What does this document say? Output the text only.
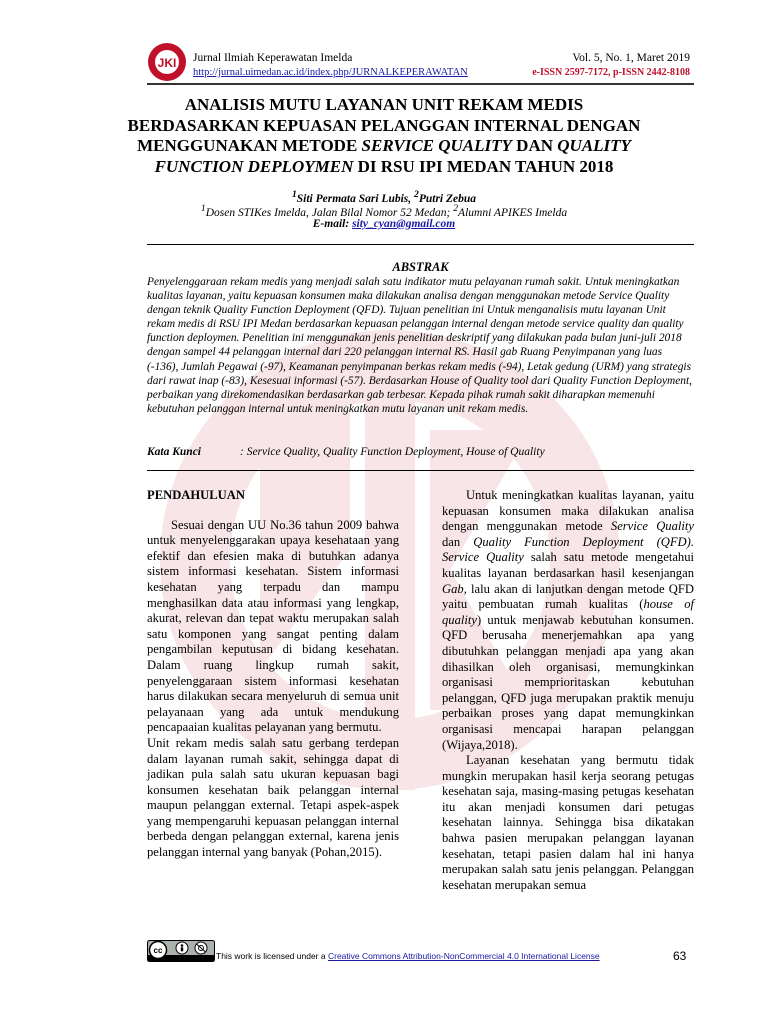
JKI Jurnal Ilmiah Keperawatan Imelda
http://jurnal.uimedan.ac.id/index.php/JURNALKEPERAWATAN
Vol. 5, No. 1, Maret 2019
e-ISSN 2597-7172, p-ISSN 2442-8108
ANALISIS MUTU LAYANAN UNIT REKAM MEDIS
BERDASARKAN KEPUASAN PELANGGAN INTERNAL DENGAN
MENGGUNAKAN METODE SERVICE QUALITY DAN QUALITY
FUNCTION DEPLOYMEN DI RSU IPI MEDAN TAHUN 2018
$^1$Siti Permata Sari Lubis, $^2$Putri Zebua
$^1$Dosen STIKes Imelda, Jalan Bilal Nomor 52 Medan; $^2$Alumni APIKES Imelda
E-mail: sity_cyan@gmail.com
ABSTRAK
Penyelenggaraan rekam medis yang menjadi salah satu indikator mutu pelayanan rumah sakit. Untuk meningkatkan kualitas layanan, yaitu kepuasan konsumen maka dilakukan analisa dengan menggunakan metode Service Quality dengan teknik Quality Function Deployment (QFD). Tujuan penelitian ini Untuk menganalisis mutu layanan Unit rekam medis di RSU IPI Medan berdasarkan kepuasan pelanggan internal dengan metode service quality dan quality function deploymen. Penelitian ini menggunakan jenis penelitian deskriptif yang dilakukan pada bulan juni-juli 2018 dengan sampel 44 pelanggan internal dari 220 pelanggan internal RS. Hasil gab Ruang Penyimpanan yang luas (-136), Jumlah Pegawai (-97), Keamanan penyimpanan berkas rekam medis (-94), Letak gedung (URM) yang strategis dari rawat inap (-83), Kesesuai informasi (-57). Berdasarkan House of Quality tool dari Quality Function Deployment, perbaikan yang direkomendasikan berdasarkan gab terbesar. Kepada pihak rumah sakit diharapkan memenuhi kebutuhan pelanggan internal untuk meningkatkan mutu layanan unit rekam medis.
Kata Kunci	: Service Quality, Quality Function Deployment, House of Quality

PENDAHULUAN

Sesuai dengan UU No.36 tahun 2009 bahwa untuk menyelenggarakan upaya kesehataan yang efektif dan efesien maka di butuhkan adanya sistem informasi kesehatan. Sistem informasi kesehatan yang terpadu dan mampu menghasilkan data atau informasi yang lengkap, akurat, relevan dan tepat waktu merupakan salah satu komponen yang sangat penting dalam pengambilan keputusan di bidang kesehatan. Dalam ruang lingkup rumah sakit, penyelenggaraan sistem informasi kesehatan harus dilakukan secara menyeluruh di semua unit pelayanaan yang ada untuk mendukung pencapaaian kualitas pelayanan yang bermutu.

Unit rekam medis salah satu gerbang terdepan dalam layanan rumah sakit, sehingga dapat di jadikan pula salah satu ukuran kepuasan bagi konsumen kesehatan baik pelanggan internal maupun pelanggan external. Tetapi aspek-aspek yang mempengaruhi kepuasan pelanggan internal berbeda dengan pelanggan external, karena jenis pelanggan internal yang banyak (Pohan,2015).

Untuk meningkatkan kualitas layanan, yaitu kepuasan konsumen maka dilakukan analisa dengan menggunakan metode Service Quality dan Quality Function Deployment (QFD). Service Quality salah satu metode mengetahui kualitas layanan berdasarkan hasil kesenjangan Gab, lalu akan di lanjutkan dengan metode QFD yaitu pembuatan rumah kualitas (house of quality) untuk menjawab kebutuhan konsumen. QFD berusaha menerjemahkan apa yang dibutuhkan pelanggan menjadi apa yang akan dihasilkan oleh organisasi, memungkinkan organisasi memprioritaskan kebutuhan pelanggan, QFD juga merupakan praktik menuju perbaikan proses yang dapat memungkinkan organisasi mencapai harapan pelanggan (Wijaya,2018).

Layanan kesehatan yang bermutu tidak mungkin merupakan hasil kerja seorang petugas kesehatan saja, masing-masing petugas kesehatan itu akan menjadi konsumen dari petugas kesehatan lainnya. Sehingga bisa dikatakan bahwa pasien merupakan pelanggan layanan kesehatan, tetapi pasien dalam hal ini hanya merupakan salah satu jenis pelanggan. Pelanggan kesehatan merupakan semua

cc
This work is licensed under a Creative Commons Attribution-NonCommercial 4.0 International License	63
